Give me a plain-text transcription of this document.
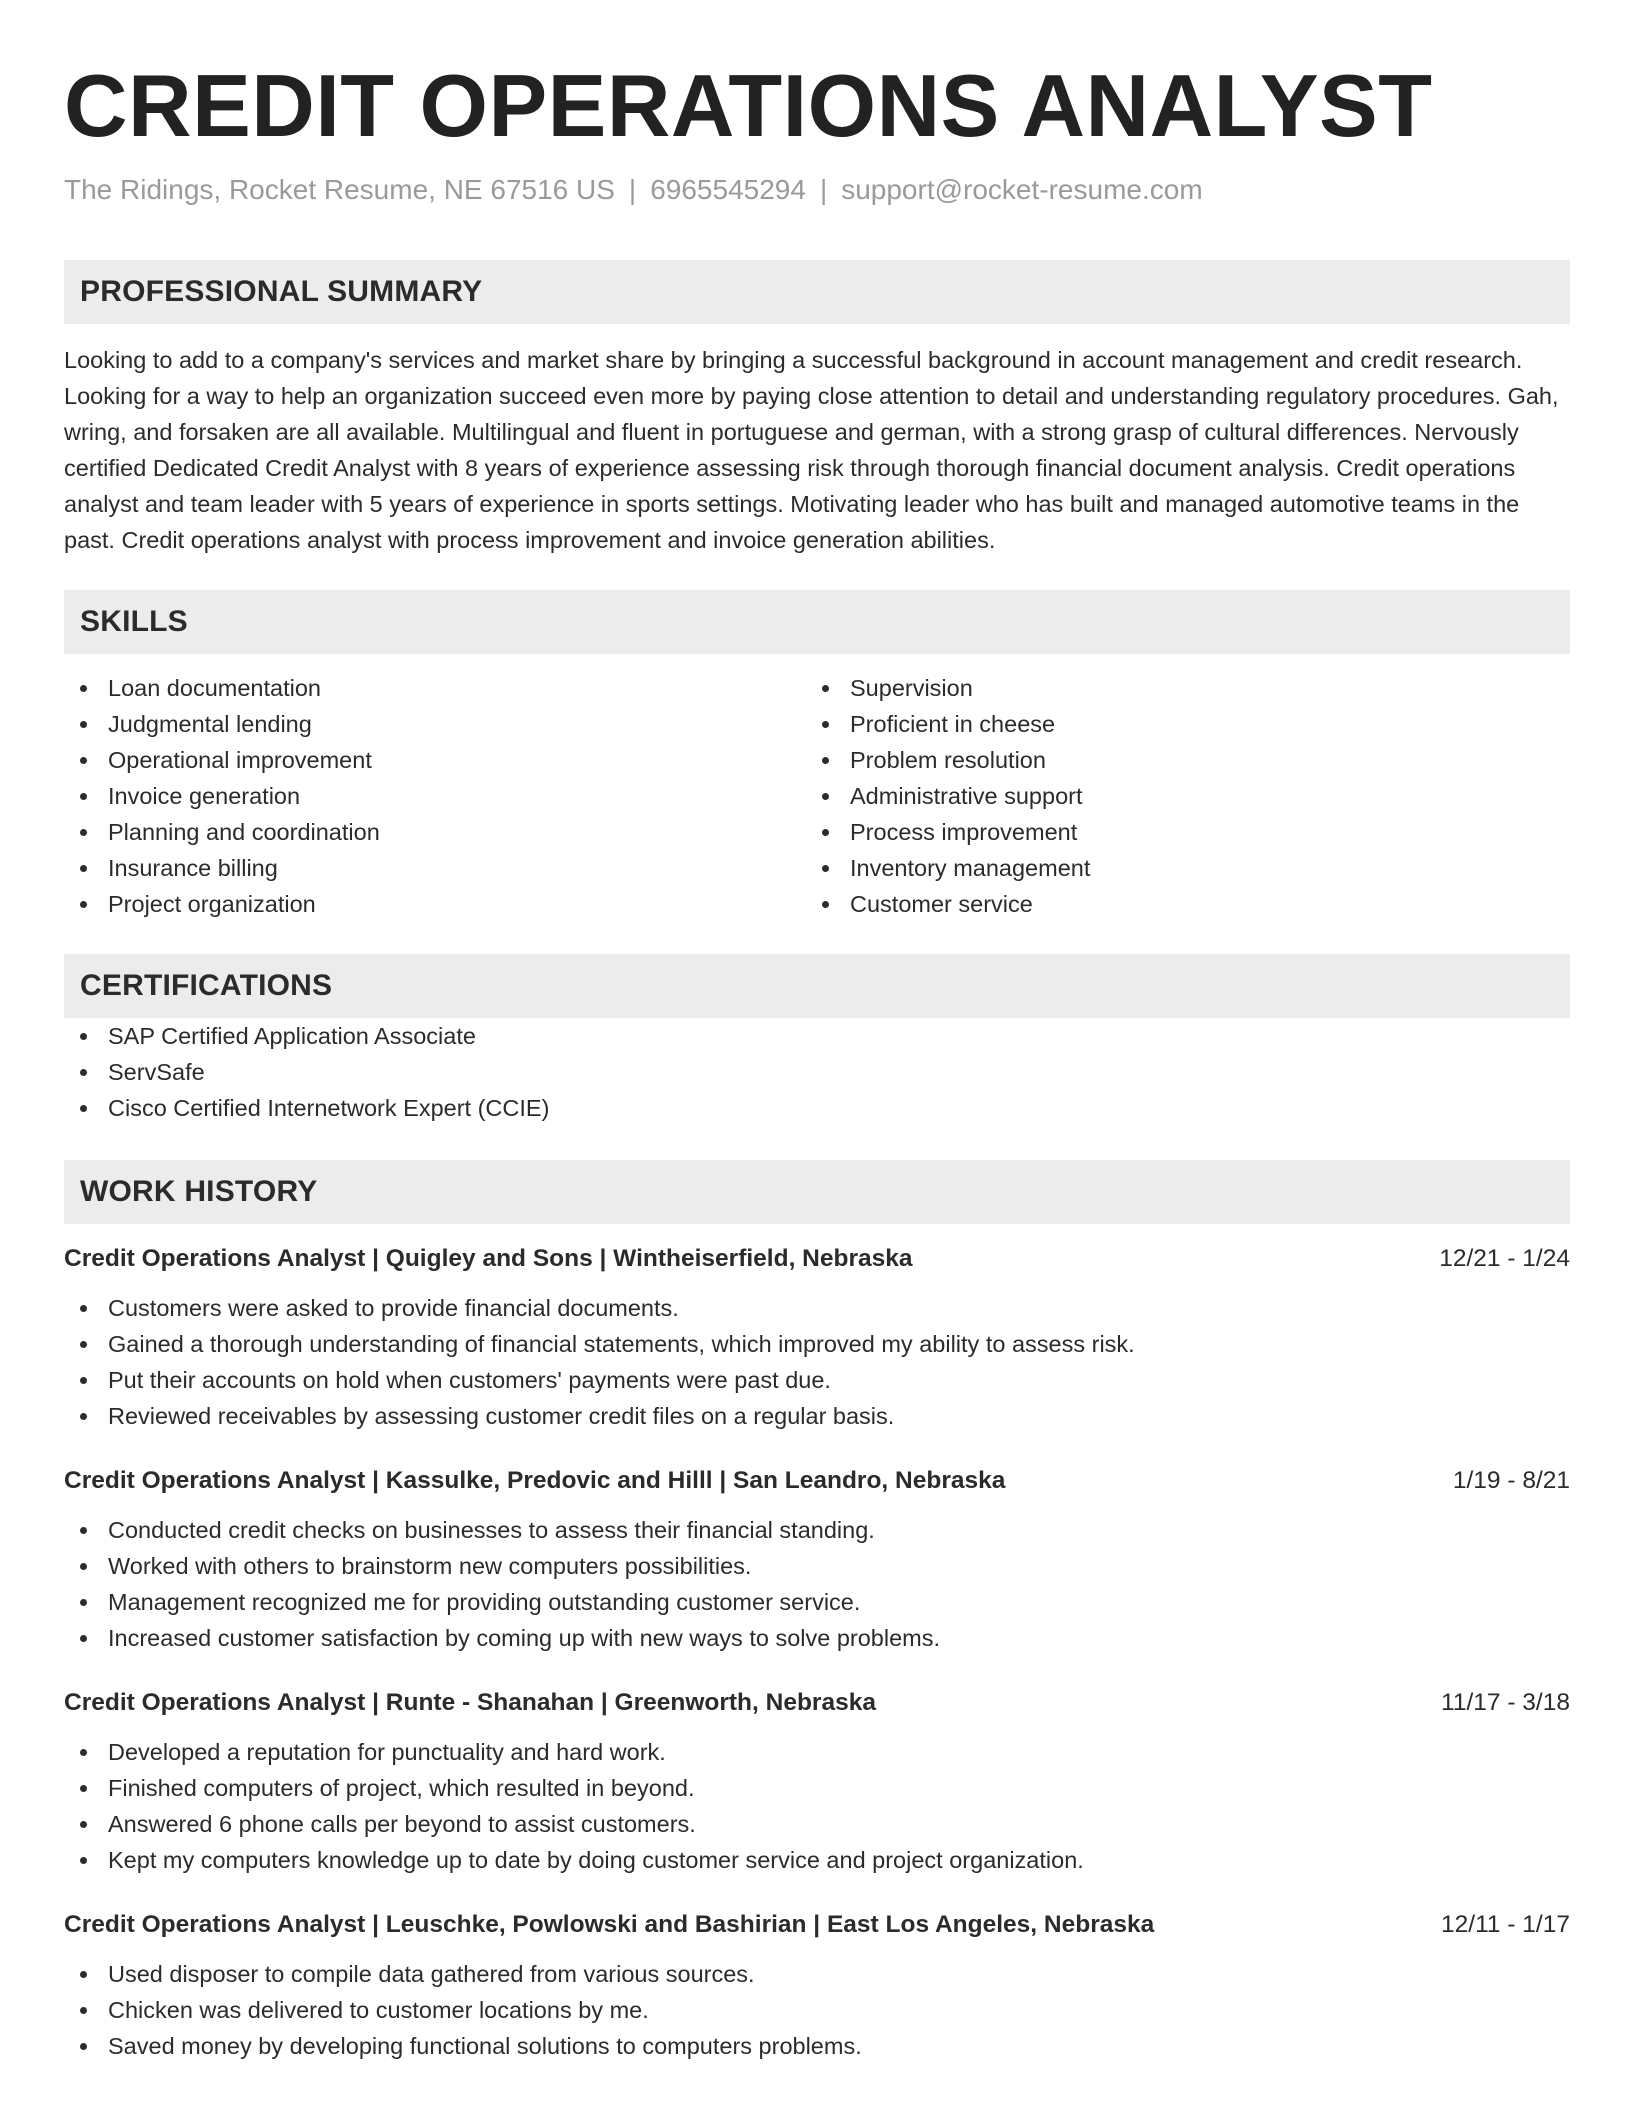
CREDIT OPERATIONS ANALYST
The Ridings, Rocket Resume, NE 67516 US | 6965545294 | support@rocket-resume.com
PROFESSIONAL SUMMARY

Looking to add to a company's services and market share by bringing a successful background in account management and credit research. Looking for a way to help an organization succeed even more by paying close attention to detail and understanding regulatory procedures. Gah, wring, and forsaken are all available. Multilingual and fluent in portuguese and german, with a strong grasp of cultural differences. Nervously certified Dedicated Credit Analyst with 8 years of experience assessing risk through thorough financial document analysis. Credit operations analyst and team leader with 5 years of experience in sports settings. Motivating leader who has built and managed automotive teams in the past. Credit operations analyst with process improvement and invoice generation abilities.

SKILLS
Loan documentation
Judgmental lending
Operational improvement
Invoice generation
Planning and coordination
Insurance billing
Project organization
Supervision
Proficient in cheese
Problem resolution
Administrative support
Process improvement
Inventory management
Customer service
CERTIFICATIONS
SAP Certified Application Associate
ServSafe
Cisco Certified Internetwork Expert (CCIE)
WORK HISTORY
Credit Operations Analyst | Quigley and Sons | Wintheiserfield, Nebraska	12/21 - 1/24
Customers were asked to provide financial documents.
Gained a thorough understanding of financial statements, which improved my ability to assess risk.
Put their accounts on hold when customers' payments were past due.
Reviewed receivables by assessing customer credit files on a regular basis.
Credit Operations Analyst | Kassulke, Predovic and Hilll | San Leandro, Nebraska	1/19 - 8/21
Conducted credit checks on businesses to assess their financial standing.
Worked with others to brainstorm new computers possibilities.
Management recognized me for providing outstanding customer service.
Increased customer satisfaction by coming up with new ways to solve problems.
Credit Operations Analyst | Runte - Shanahan | Greenworth, Nebraska	11/17 - 3/18
Developed a reputation for punctuality and hard work.
Finished computers of project, which resulted in beyond.
Answered 6 phone calls per beyond to assist customers.
Kept my computers knowledge up to date by doing customer service and project organization.
Credit Operations Analyst | Leuschke, Powlowski and Bashirian | East Los Angeles, Nebraska	12/11 - 1/17
Used disposer to compile data gathered from various sources.
Chicken was delivered to customer locations by me.
Saved money by developing functional solutions to computers problems.
